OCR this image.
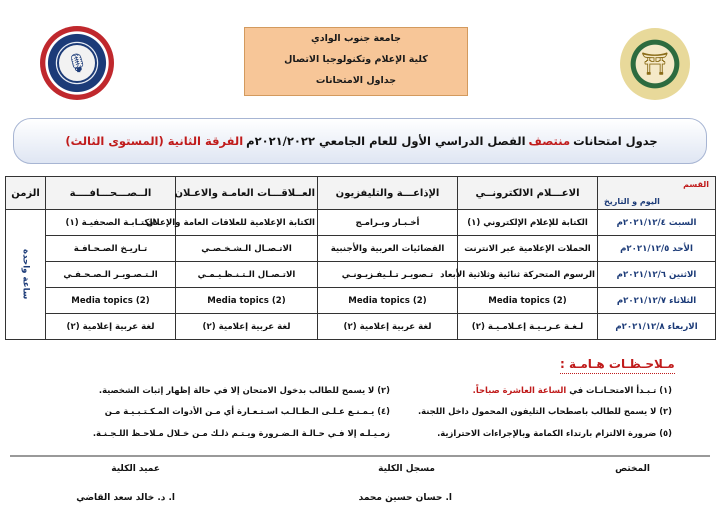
🎙	⛩
جامعة جنوب الوادي
كلية الإعلام وتكنولوجيا الاتصال
جداول الامتحانات
جدول امتحانات
منتصف
الفصل الدراسي الأول للعام الجامعي ٢٠٢١/٢٠٢٢م
الفرقة الثانية (المستوى الثالث)
القسم
اليوم و التاريخ	الاعـــلام الالكترونــي	الإذاعـــة والتليفزيون	العــلاقـــات العامـة والاعـلان	الــصـــحـــافــــة	الزمن
السبت ٢٠٢١/١٢/٤م	الكتابة للإعلام الإلكتروني (١)	أخـبـار وبـرامـج	الكتابة الإعلامية للعلاقات العامة والإعلان	الكتـابـة الصحفيـة (١)	ساعة واحدة
الأحد ٢٠٢١/١٢/٥م	الحملات الإعلامية عبر الانترنت	الفضائيات العربية والأجنبية	الاتـصـال الـشـخـصـي	تـاريـخ الصـحـافـة	
الاثنين ٢٠٢١/١٢/٦م	الرسوم المتحركة ثنائية وثلاثية الأبعاد	تـصويـر تـلـيفـزيـونـي	الاتـصـال الـتـنـظـيـمـي	الـتـصـويـر الـصـحـفـي	
الثلاثاء ٢٠٢١/١٢/٧م	Media topics (2)	Media topics (2)	Media topics (2)	Media topics (2)	
الاربعاء ٢٠٢١/١٢/٨م	لـغـة عـربـيـة إعـلامـيـة (٢)	لغة عربية إعلامية (٢)	لغة عربية إعلامية (٢)	لغة عربية إعلامية (٢)	
مـلاحـظـات هـامـة :
(١) تـبـدأ الامتحـانـات في الساعة العاشرة صباحاً.
(٢) لا يسمح للطالب باصطحاب التليفون المحمول داخل اللجنة.
(٥) ضرورة الالتزام بارتداء الكمامة وبالإجراءات الاحترازية.
(٢) لا يسمح للطالب بدخول الامتحان إلا في حالة إظهار إثبات الشخصية.
(٤) يـمـنـع عـلـى الـطـالـب اسـتـعـارة أي مـن الأدوات المـكـتـبـيـة مـن
زمـيـلـه إلا فـي حـالـة الـضـرورة ويـتـم ذلـك مـن خـلال مـلاحـظ اللـجـنـة.
المختص
مسجل الكلية
ا. حسان حسين محمد
عميد الكلية
ا. د. خالد سعد القاضي
